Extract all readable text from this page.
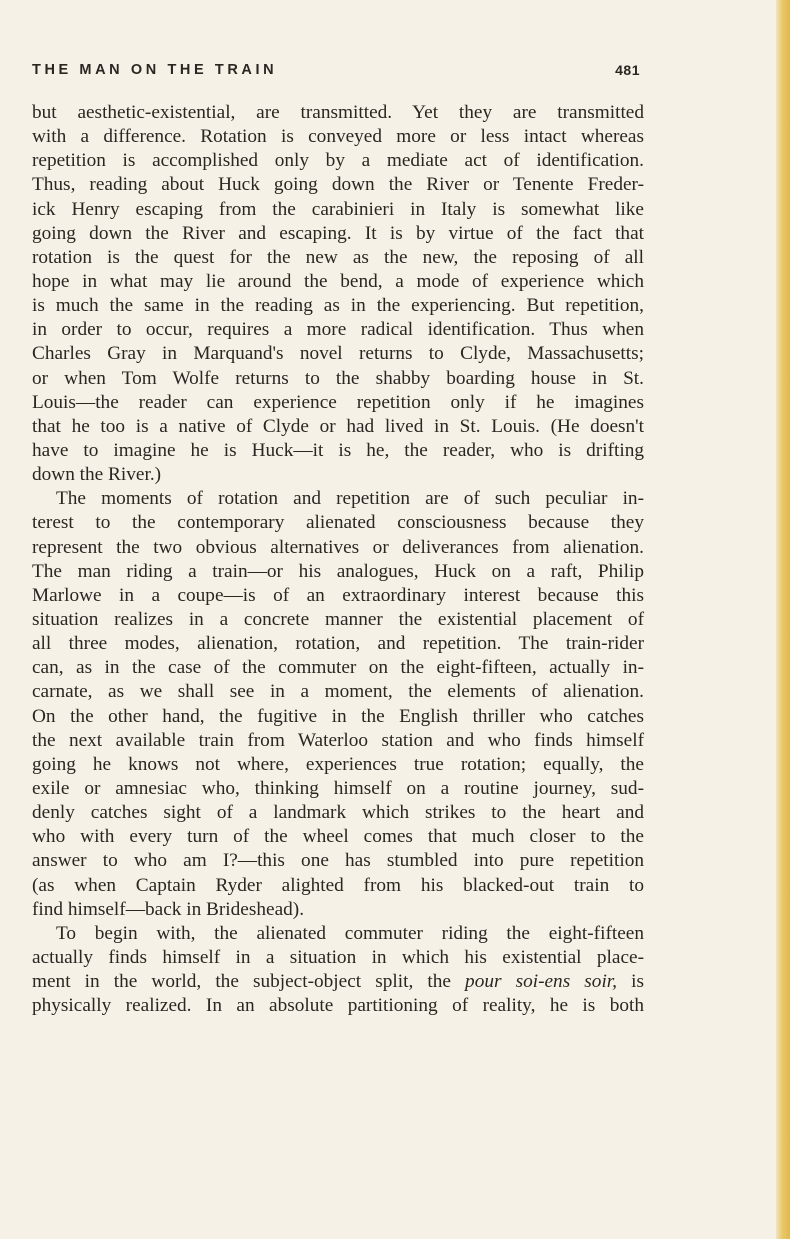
THE MAN ON THE TRAIN	481
but aesthetic-existential, are transmitted. Yet they are transmitted
with a difference. Rotation is conveyed more or less intact whereas
repetition is accomplished only by a mediate act of identification.
Thus, reading about Huck going down the River or Tenente Freder-
ick Henry escaping from the carabinieri in Italy is somewhat like
going down the River and escaping. It is by virtue of the fact that
rotation is the quest for the new as the new, the reposing of all
hope in what may lie around the bend, a mode of experience which
is much the same in the reading as in the experiencing. But repetition,
in order to occur, requires a more radical identification. Thus when
Charles Gray in Marquand's novel returns to Clyde, Massachusetts;
or when Tom Wolfe returns to the shabby boarding house in St.
Louis—the reader can experience repetition only if he imagines
that he too is a native of Clyde or had lived in St. Louis. (He doesn't
have to imagine he is Huck—it is he, the reader, who is drifting
down the River.)
The moments of rotation and repetition are of such peculiar in-
terest to the contemporary alienated consciousness because they
represent the two obvious alternatives or deliverances from alienation.
The man riding a train—or his analogues, Huck on a raft, Philip
Marlowe in a coupe—is of an extraordinary interest because this
situation realizes in a concrete manner the existential placement of
all three modes, alienation, rotation, and repetition. The train-rider
can, as in the case of the commuter on the eight-fifteen, actually in-
carnate, as we shall see in a moment, the elements of alienation.
On the other hand, the fugitive in the English thriller who catches
the next available train from Waterloo station and who finds himself
going he knows not where, experiences true rotation; equally, the
exile or amnesiac who, thinking himself on a routine journey, sud-
denly catches sight of a landmark which strikes to the heart and
who with every turn of the wheel comes that much closer to the
answer to who am I?—this one has stumbled into pure repetition
(as when Captain Ryder alighted from his blacked-out train to
find himself—back in Brideshead).
To begin with, the alienated commuter riding the eight-fifteen
actually finds himself in a situation in which his existential place-
ment in the world, the subject-object split, the pour soi-ens soir, is
physically realized. In an absolute partitioning of reality, he is both
